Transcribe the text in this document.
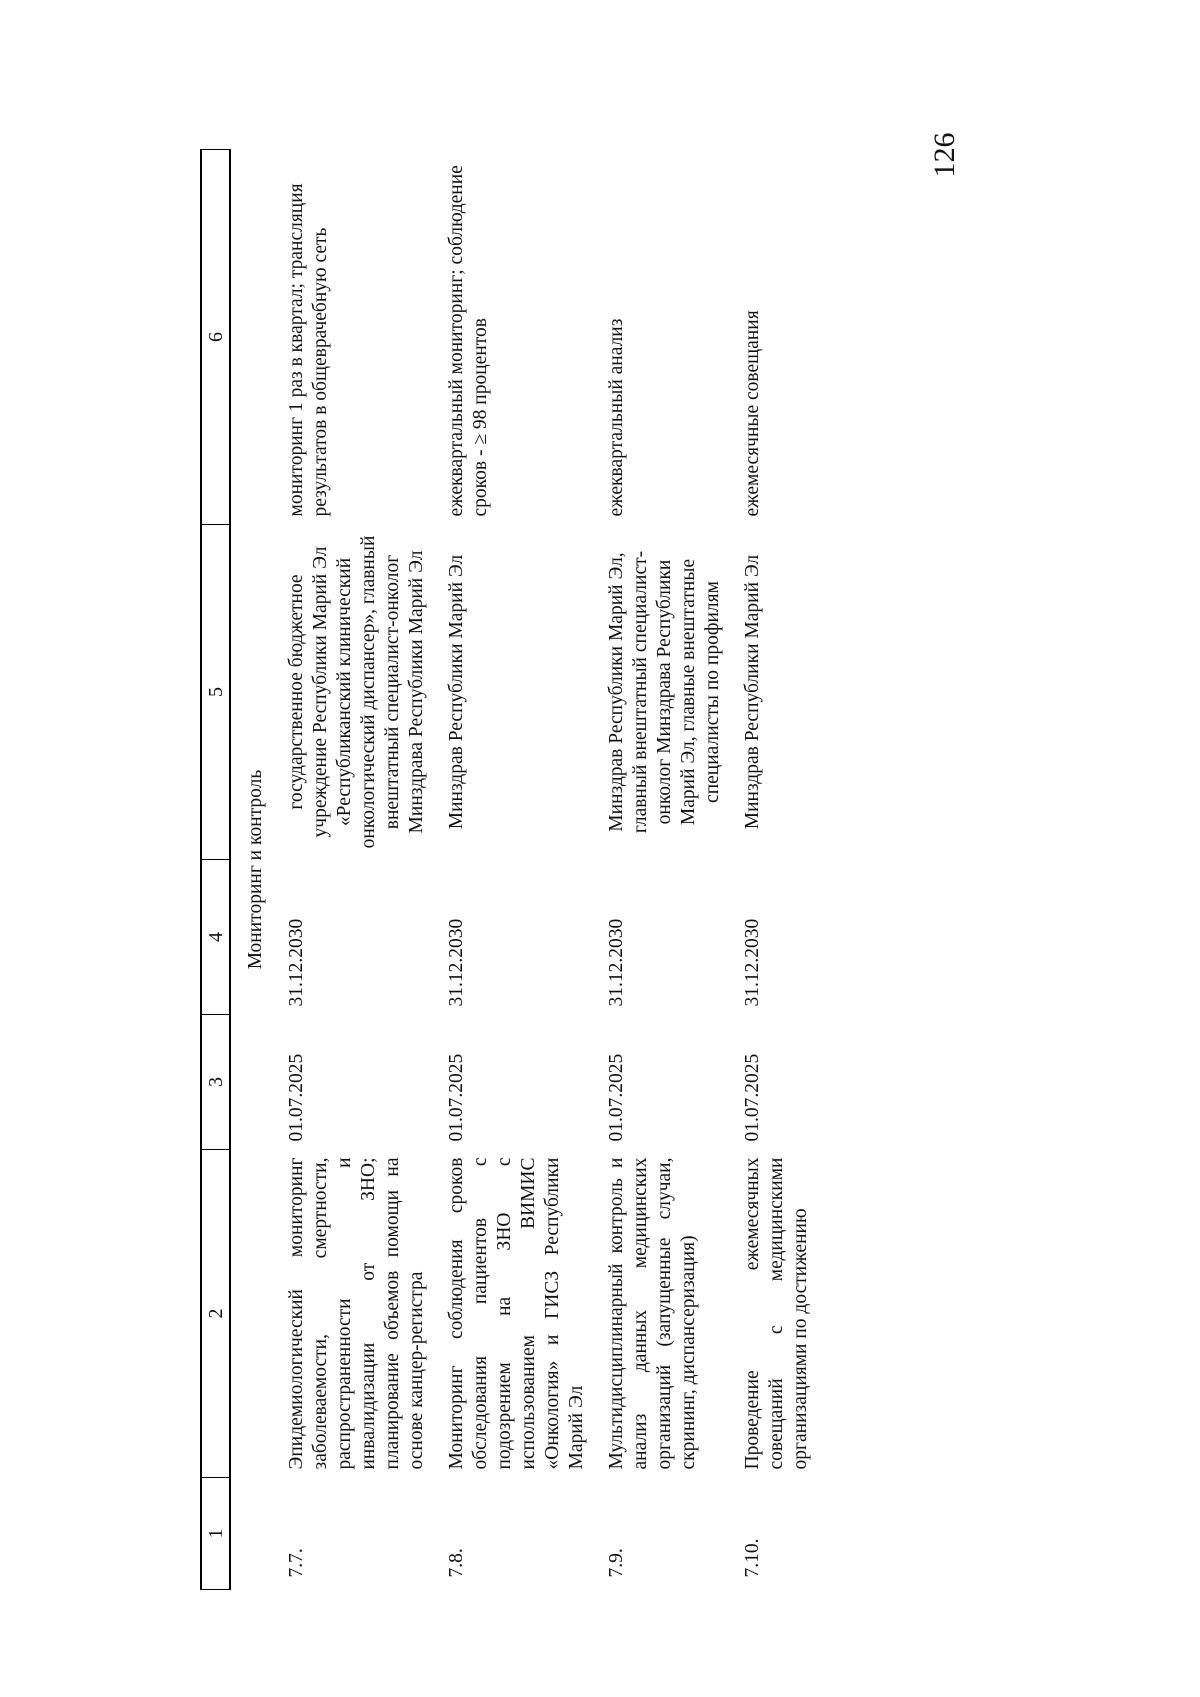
126
1	2	3	4	5	6
Мониторинг и контроль					
7.7.	Эпидемиологический мониторинг заболеваемости, смертности, распространенности и инвалидизации от ЗНО; планирование объемов помощи на основе канцер-регистра	01.07.2025	31.12.2030	государственное бюджетное учреждение Республики Марий Эл «Республиканский клинический онкологический диспансер», главный внештатный специалист-онколог Минздрава Республики Марий Эл	мониторинг 1 раз в квартал; трансляция результатов в общеврачебную сеть
7.8.	Мониторинг соблюдения сроков обследования пациентов с подозрением на ЗНО с использованием ВИМИС «Онкология» и ГИСЗ Республики Марий Эл	01.07.2025	31.12.2030	Минздрав Республики Марий Эл	ежеквартальный мониторинг; соблюдение сроков - ≥ 98 процентов
7.9.	Мультидисциплинарный контроль и анализ данных медицинских организаций (запущенные случаи, скрининг, диспансеризация)	01.07.2025	31.12.2030	Минздрав Республики Марий Эл, главный внештатный специалист-онколог Минздрава Республики Марий Эл, главные внештатные специалисты по профилям	ежеквартальный анализ
7.10.	Проведение ежемесячных совещаний с медицинскими организациями по достижению	01.07.2025	31.12.2030	Минздрав Республики Марий Эл	ежемесячные совещания
